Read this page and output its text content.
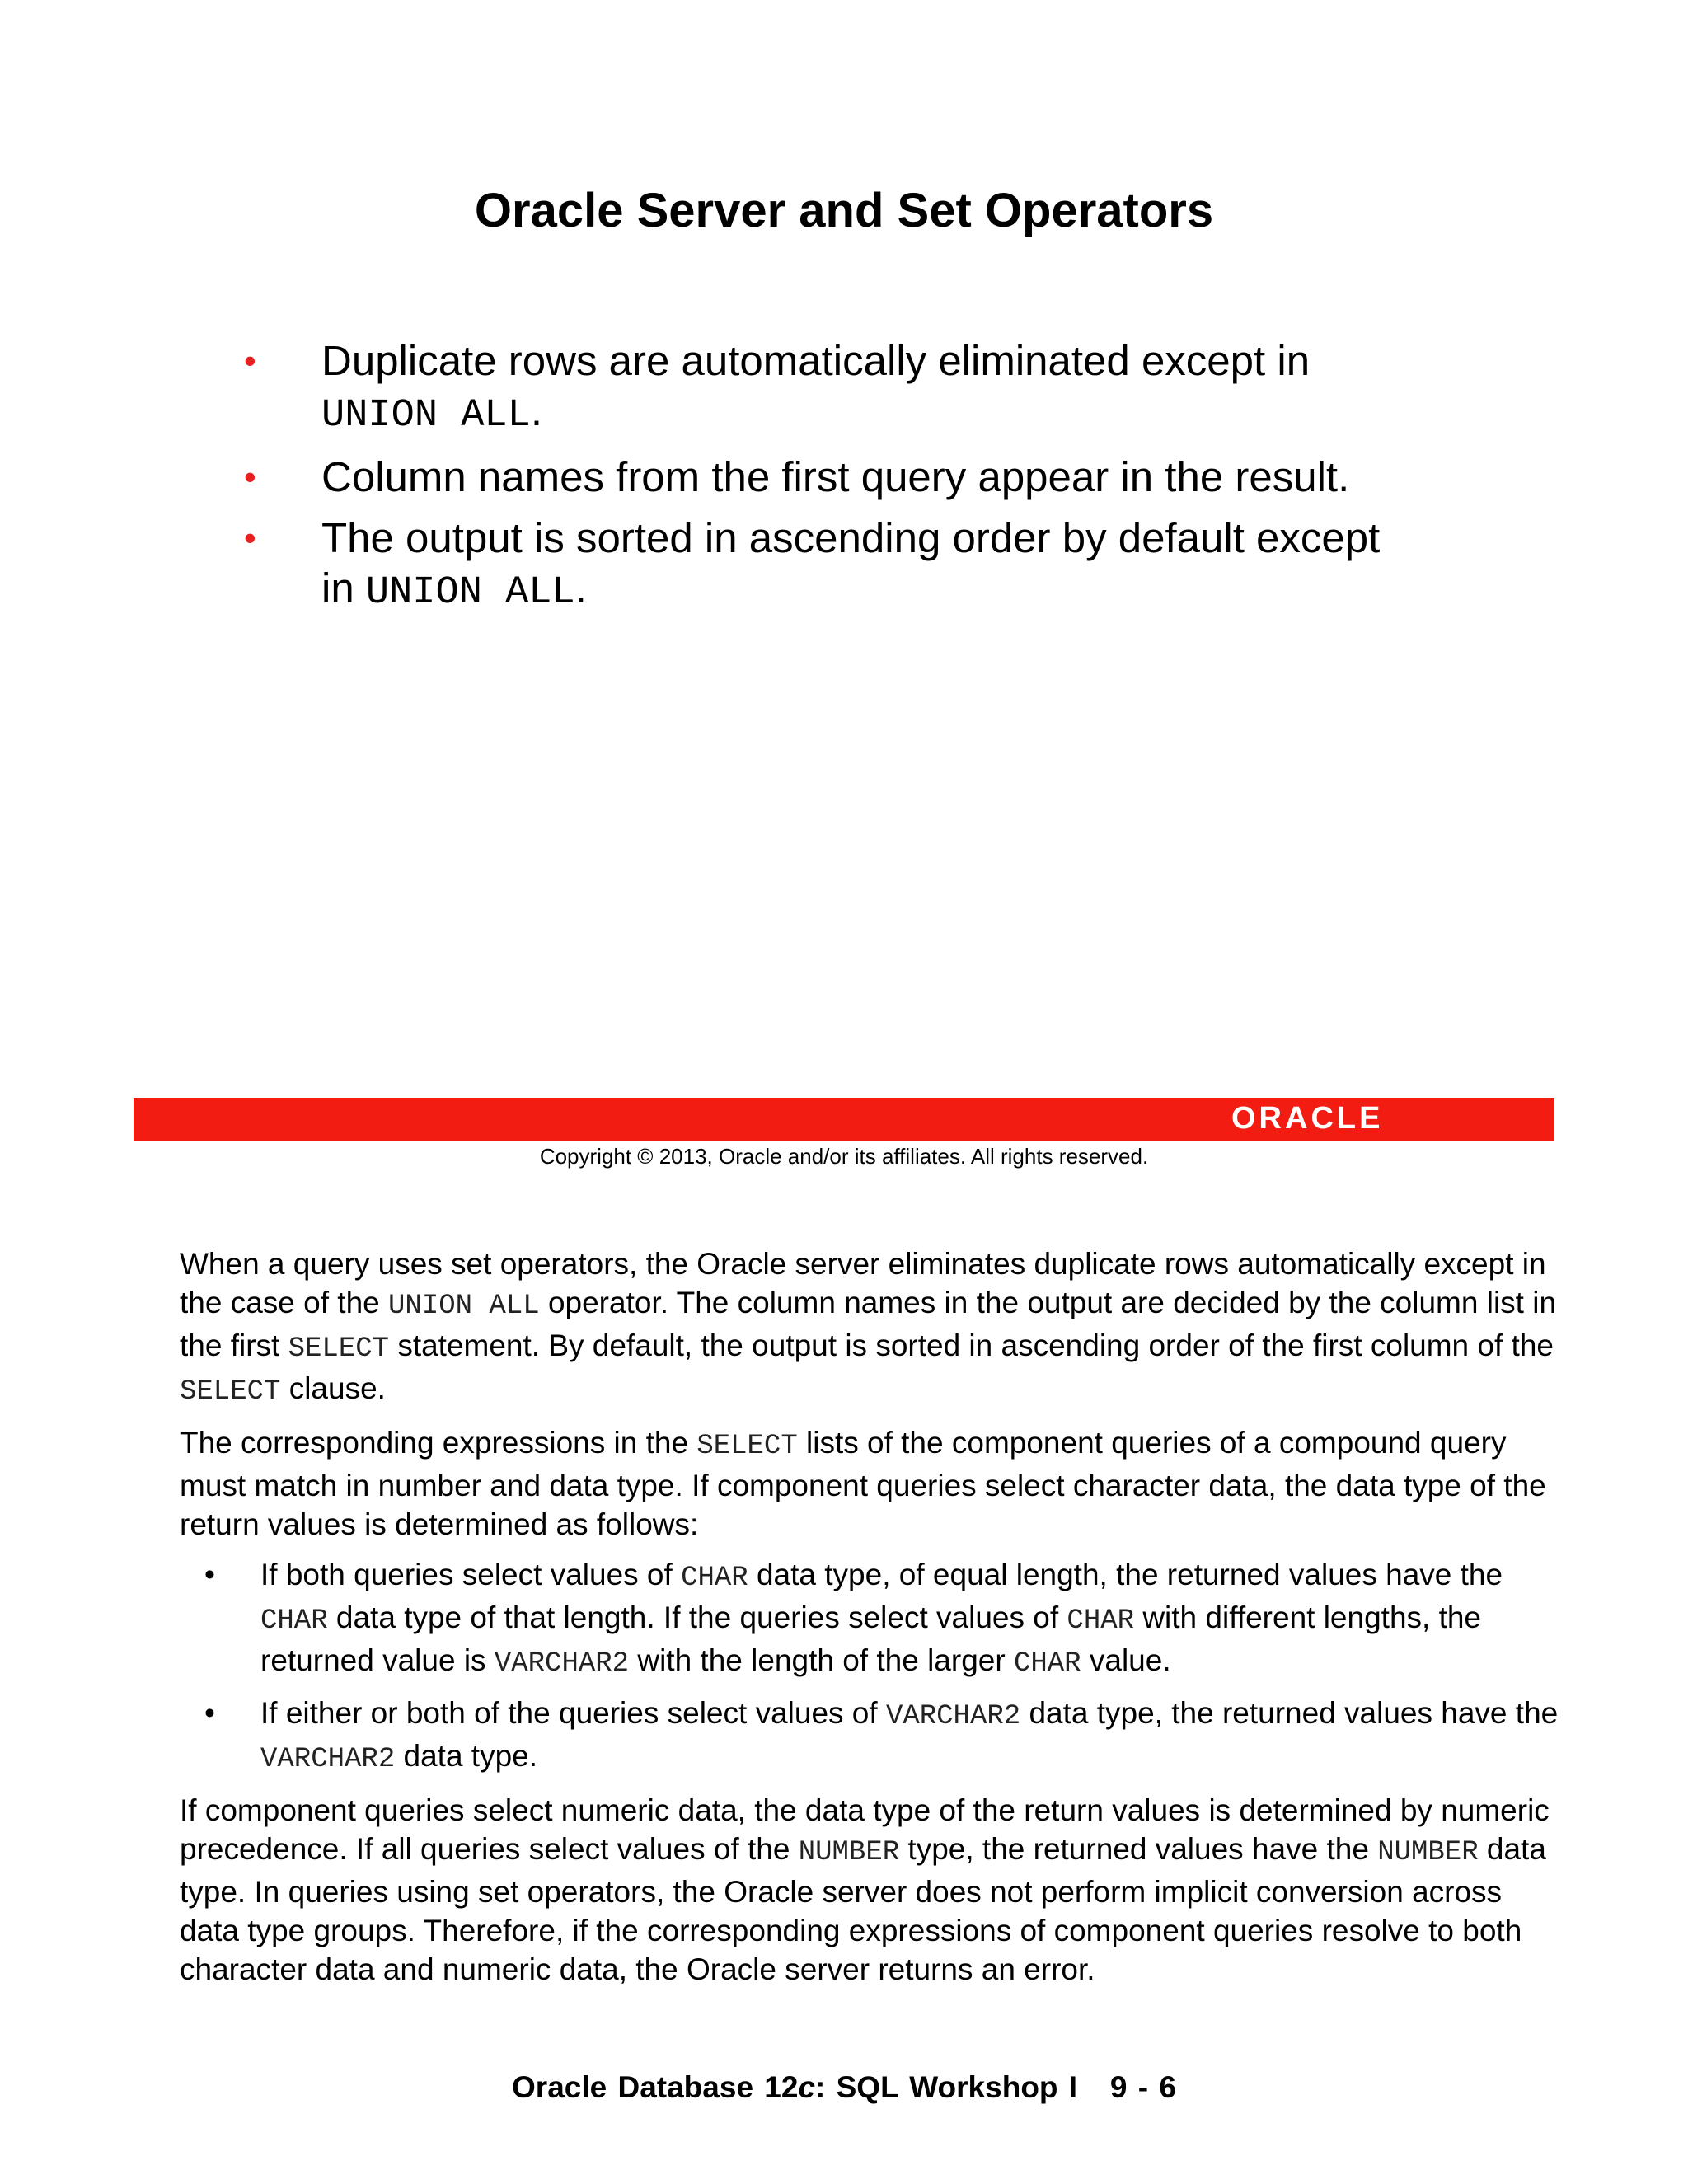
Oracle Server and Set Operators
• Duplicate rows are automatically eliminated except in
UNION ALL.
• Column names from the first query appear in the result.
• The output is sorted in ascending order by default except
in UNION ALL.
ORACLE

Copyright © 2013, Oracle and/or its affiliates. All rights reserved.

When a query uses set operators, the Oracle server eliminates duplicate rows automatically except in the case of the UNION ALL operator. The column names in the output are decided by the column list in the first SELECT statement. By default, the output is sorted in ascending order of the first column of the SELECT clause.

The corresponding expressions in the SELECT lists of the component queries of a compound query must match in number and data type. If component queries select character data, the data type of the return values is determined as follows:

• If both queries select values of CHAR data type, of equal length, the returned values have the CHAR data type of that length. If the queries select values of CHAR with different lengths, the returned value is VARCHAR2 with the length of the larger CHAR value.
• If either or both of the queries select values of VARCHAR2 data type, the returned values have the VARCHAR2 data type.

If component queries select numeric data, the data type of the return values is determined by numeric precedence. If all queries select values of the NUMBER type, the returned values have the NUMBER data type. In queries using set operators, the Oracle server does not perform implicit conversion across data type groups. Therefore, if the corresponding expressions of component queries resolve to both character data and numeric data, the Oracle server returns an error.

Oracle Database 12c: SQL Workshop I 9 - 6
